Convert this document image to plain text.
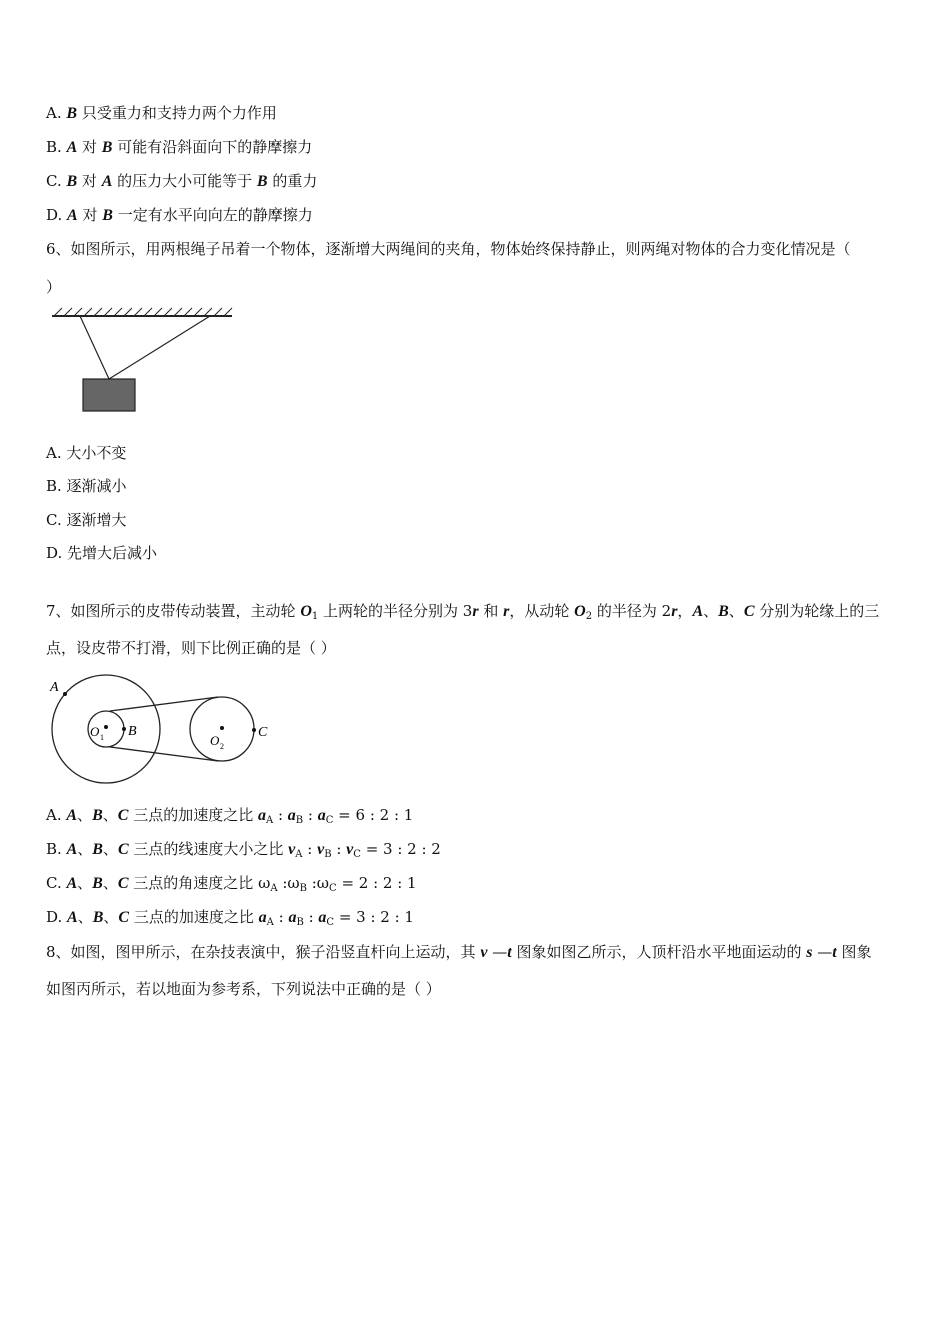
A. B 只受重力和支持力两个力作用
B. A 对 B 可能有沿斜面向下的静摩擦力
C. B 对 A 的压力大小可能等于 B 的重力
D. A 对 B 一定有水平向向左的静摩擦力
6、如图所示，用两根绳子吊着一个物体，逐渐增大两绳间的夹角，物体始终保持静止，则两绳对物体的合力变化情况是（
）
A. 大小不变
B. 逐渐减小
C. 逐渐增大
D. 先增大后减小
7、如图所示的皮带传动装置，主动轮 $O_1$ 上两轮的半径分别为 3r 和 r，从动轮 $O_2$ 的半径为 2r，A、B、C 分别为轮缘上的三
点，设皮带不打滑，则下比例正确的是（ ）
A
B	C
O 1	O 2
A. A、B、C 三点的加速度之比 $a_A$ : $a_B$ : $a_C = 6$ : 2 : 1
B. A、B、C 三点的线速度大小之比 $v_A$ : $v_B$ : $v_C = 3$ : 2 : 2
C. A、B、C 三点的角速度之比 $\omega_A$ $:\omega_B$ $:\omega_C = 2$ : 2 : 1
D. A、B、C 三点的加速度之比 $a_A$ : $a_B$ : $a_C = 3$ : 2 : 1
8、如图，图甲所示，在杂技表演中，猴子沿竖直杆向上运动，其 v —t 图象如图乙所示，人顶杆沿水平地面运动的 s —t 图象
如图丙所示，若以地面为参考系，下列说法中正确的是（ ）
